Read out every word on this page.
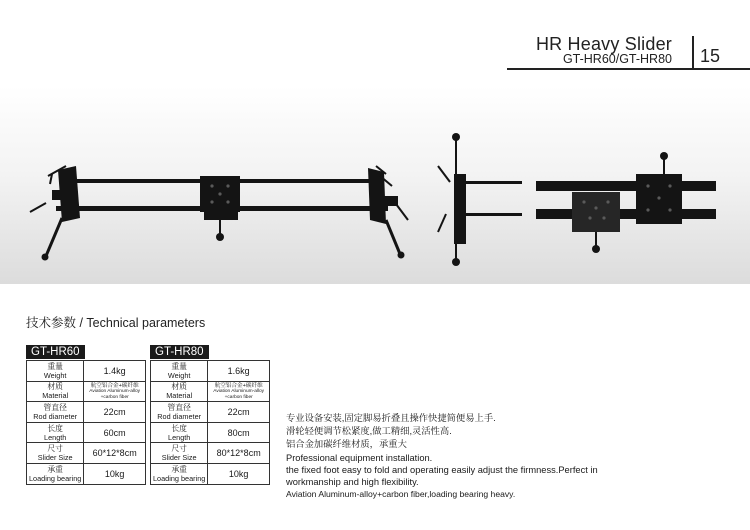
HR Heavy Slider
GT-HR60/GT-HR80 15
技术参数 / Technical parameters
GT-HR60
重量
Weight	1.4kg

材质
Material	航空铝合金+碳纤维
Aviation Aluminum-alloy +carbon fiber

管直径
Rod diameter	22cm

长度
Length	60cm

尺寸
Slider Size	60*12*8cm

承重
Loading bearing	10kg
GT-HR80
重量
Weight	1.6kg

材质
Material	航空铝合金+碳纤维
Aviation Aluminum-alloy +carbon fiber

管直径
Rod diameter	22cm

长度
Length	80cm

尺寸
Slider Size	80*12*8cm

承重
Loading bearing	10kg
专业设备安装,固定脚易折叠且操作快捷简便易上手.
滑轮轻便调节松紧度,做工精细,灵活性高.
铝合金加碳纤维材质，承重大
Professional equipment installation.
the fixed foot easy to fold and operating easily adjust the firmness.Perfect in
workmanship and high flexibility.
Aviation Aluminum-alloy+carbon fiber,loading bearing heavy.
